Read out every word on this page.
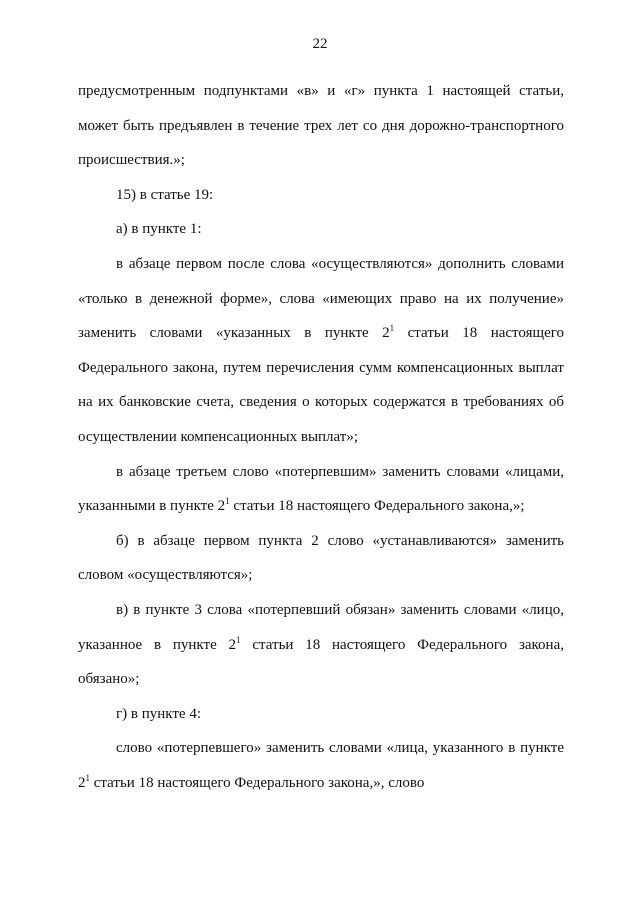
22

предусмотренным подпунктами «в» и «г» пункта 1 настоящей статьи, может быть предъявлен в течение трех лет со дня дорожно-транспортного происшествия.»;

15) в статье 19:

а) в пункте 1:

в абзаце первом после слова «осуществляются» дополнить словами «только в денежной форме», слова «имеющих право на их получение» заменить словами «указанных в пункте $2^1$ статьи 18 настоящего Федерального закона, путем перечисления сумм компенсационных выплат на их банковские счета, сведения о которых содержатся в требованиях об осуществлении компенсационных выплат»;

в абзаце третьем слово «потерпевшим» заменить словами «лицами, указанными в пункте $2^1$ статьи 18 настоящего Федерального закона,»;

б) в абзаце первом пункта 2 слово «устанавливаются» заменить словом «осуществляются»;

в) в пункте 3 слова «потерпевший обязан» заменить словами «лицо, указанное в пункте $2^1$ статьи 18 настоящего Федерального закона, обязано»;

г) в пункте 4:

слово «потерпевшего» заменить словами «лица, указанного в пункте $2^1$ статьи 18 настоящего Федерального закона,», слово
